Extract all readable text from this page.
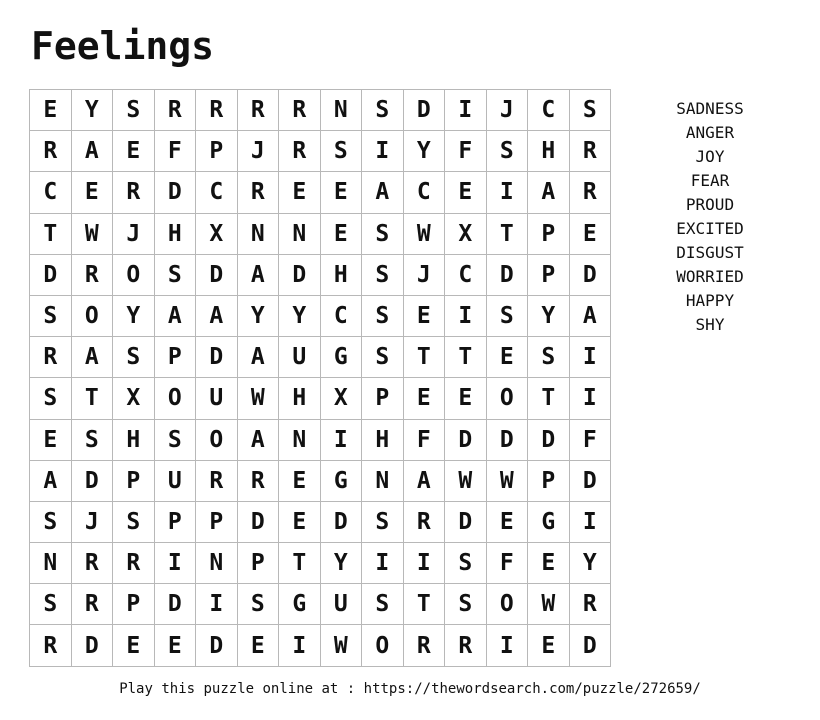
Feelings
E	Y	S	R	R	R	R	N	S	D	I	J	C	S
R	A	E	F	P	J	R	S	I	Y	F	S	H	R
C	E	R	D	C	R	E	E	A	C	E	I	A	R
T	W	J	H	X	N	N	E	S	W	X	T	P	E
D	R	O	S	D	A	D	H	S	J	C	D	P	D
S	O	Y	A	A	Y	Y	C	S	E	I	S	Y	A
R	A	S	P	D	A	U	G	S	T	T	E	S	I
S	T	X	O	U	W	H	X	P	E	E	O	T	I
E	S	H	S	O	A	N	I	H	F	D	D	D	F
A	D	P	U	R	R	E	G	N	A	W	W	P	D
S	J	S	P	P	D	E	D	S	R	D	E	G	I
N	R	R	I	N	P	T	Y	I	I	S	F	E	Y
S	R	P	D	I	S	G	U	S	T	S	O	W	R
R	D	E	E	D	E	I	W	O	R	R	I	E	D
SADNESS
ANGER
JOY
FEAR
PROUD
EXCITED
DISGUST
WORRIED
HAPPY
SHY
Play this puzzle online at : https://thewordsearch.com/puzzle/272659/
